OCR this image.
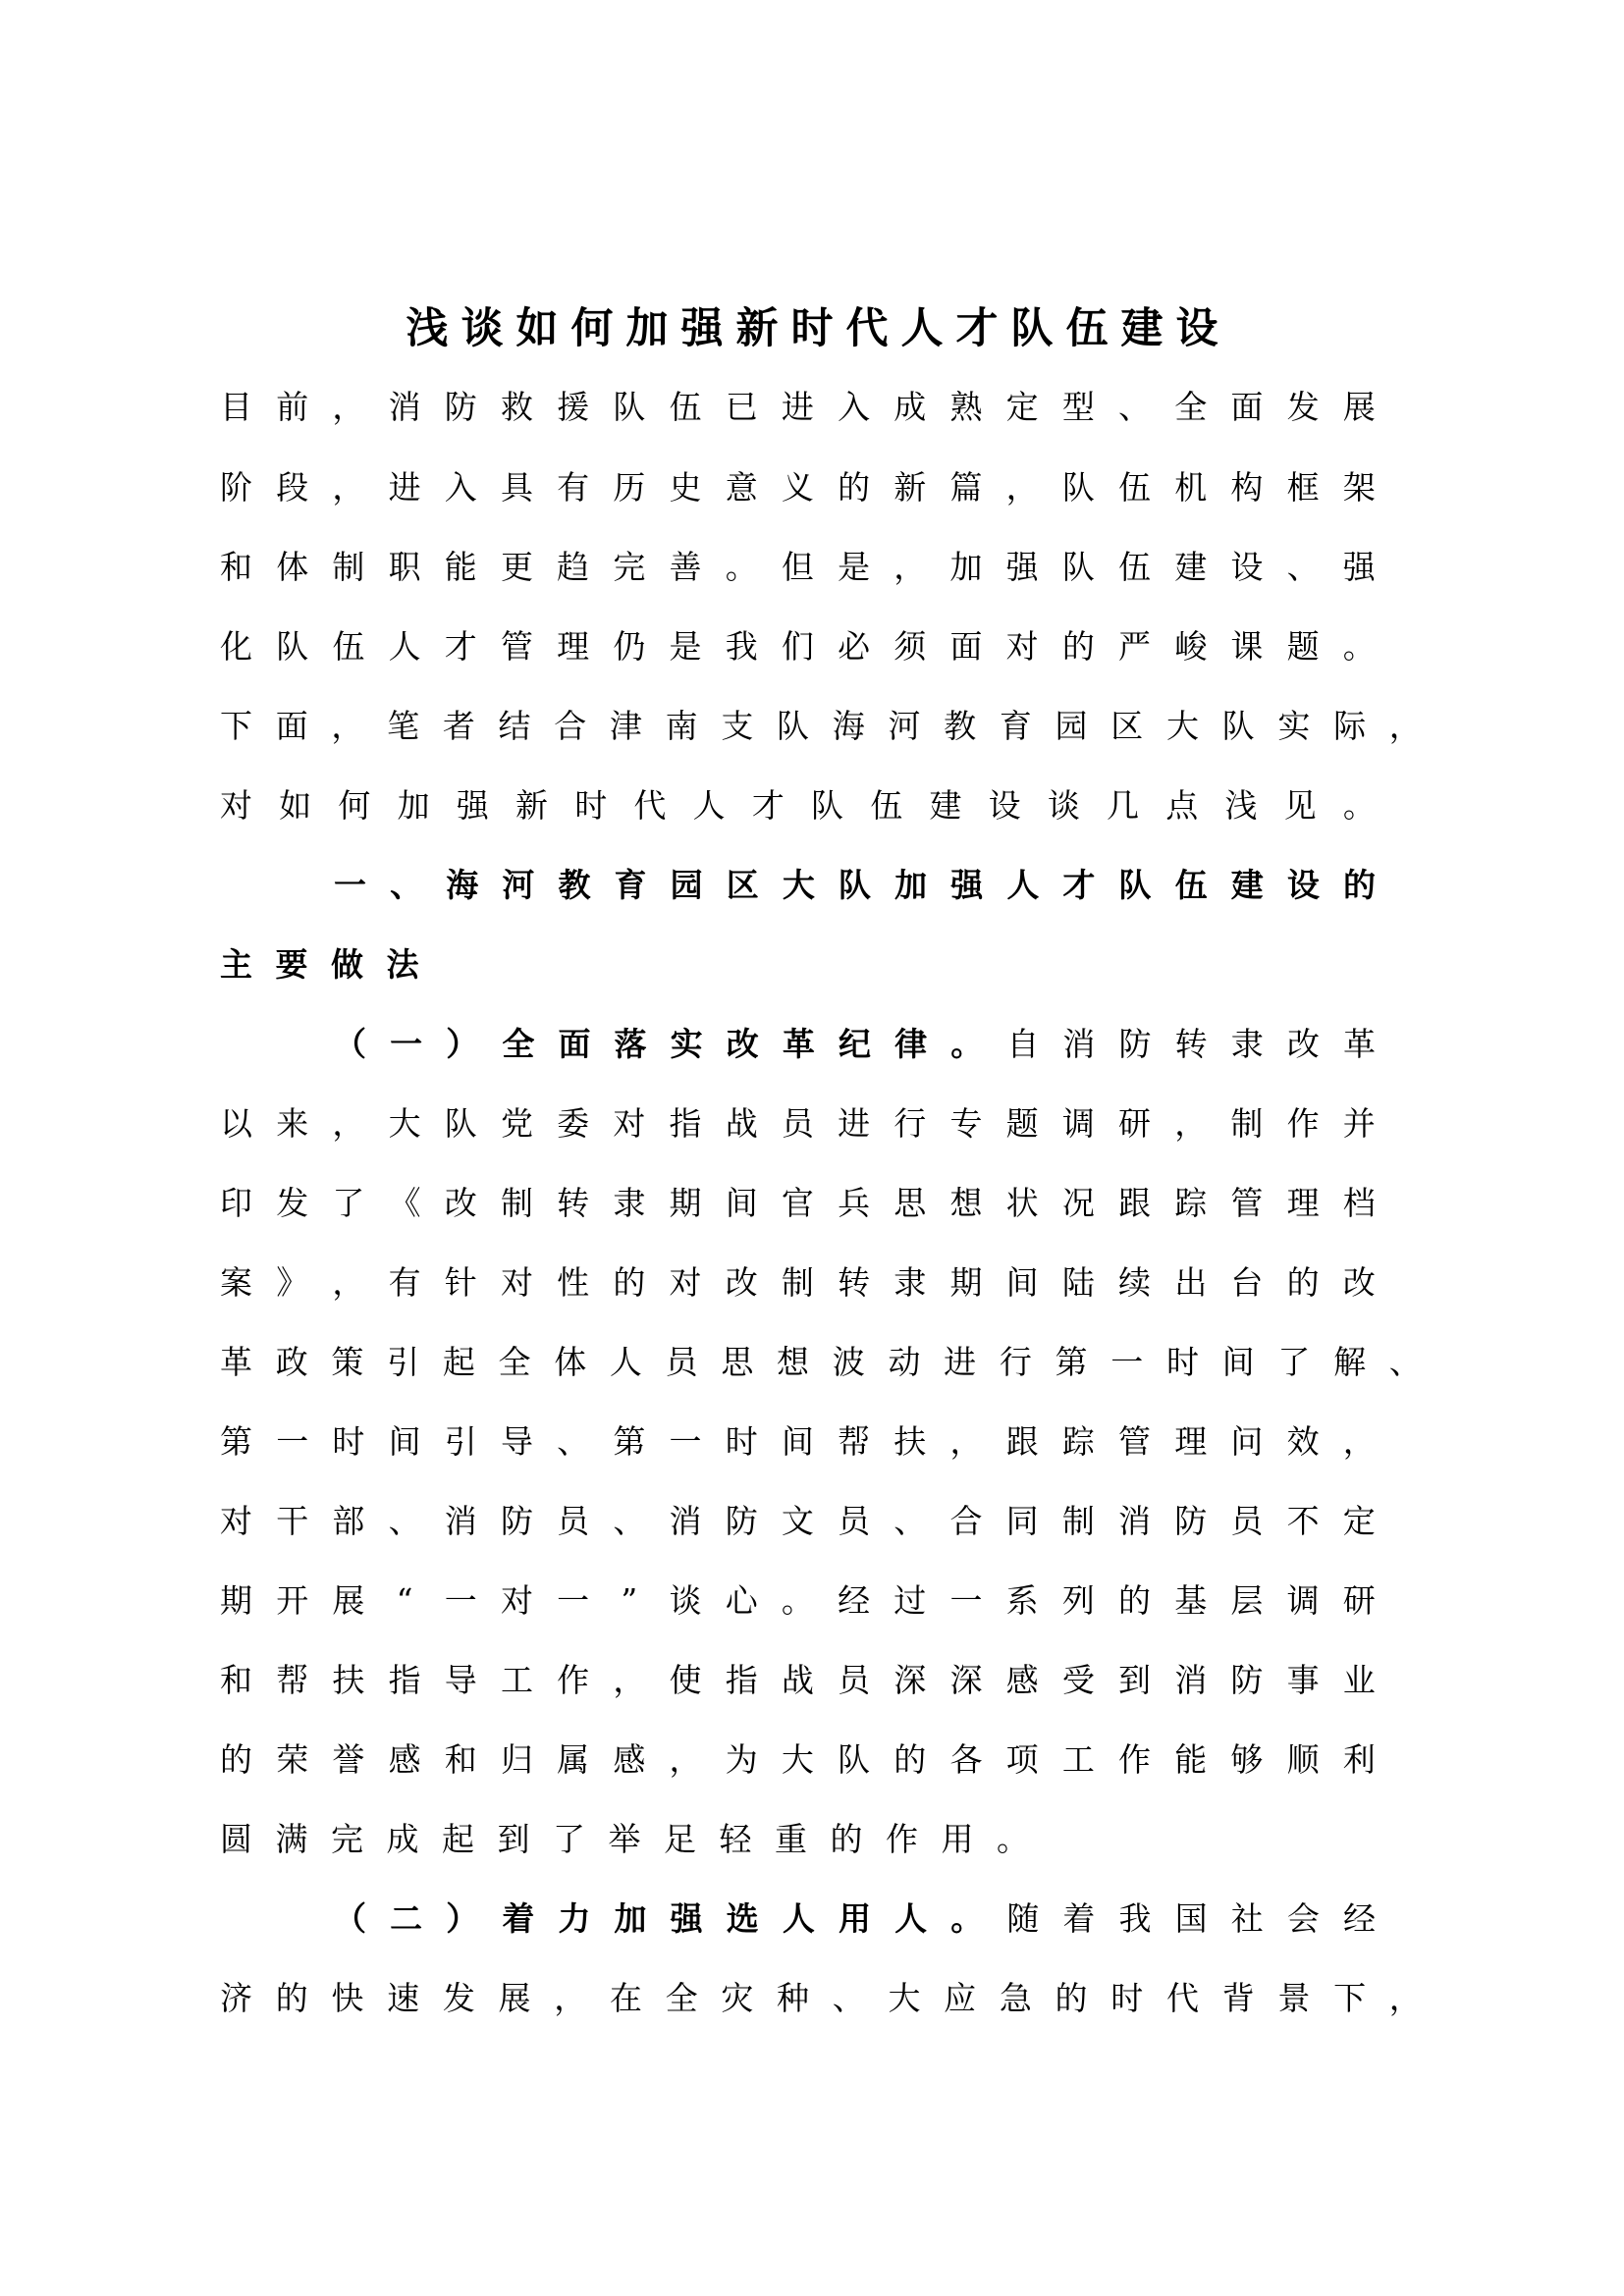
浅 谈 如 何 加 强 新 时 代 人 才 队 伍 建 设
目 前 ， 消 防 救 援 队 伍 已 进 入 成 熟 定 型 、 全 面 发 展
阶 段 ， 进 入 具 有 历 史 意 义 的 新 篇 ， 队 伍 机 构 框 架
和 体 制 职 能 更 趋 完 善 。 但 是 ， 加 强 队 伍 建 设 、 强
化 队 伍 人 才 管 理 仍 是 我 们 必 须 面 对 的 严 峻 课 题 。
下 面 ， 笔 者 结 合 津 南 支 队 海 河 教 育 园 区 大 队 实 际 ，
对 如 何 加 强 新 时 代 人 才 队 伍 建 设 谈 几 点 浅 见 。
一 、 海 河 教 育 园 区 大 队 加 强 人 才 队 伍 建 设 的
主 要 做 法
（ 一 ） 全 面 落 实 改 革 纪 律 。 自 消 防 转 隶 改 革
以 来 ， 大 队 党 委 对 指 战 员 进 行 专 题 调 研 ， 制 作 并
印 发 了 《 改 制 转 隶 期 间 官 兵 思 想 状 况 跟 踪 管 理 档
案 》 ， 有 针 对 性 的 对 改 制 转 隶 期 间 陆 续 出 台 的 改
革 政 策 引 起 全 体 人 员 思 想 波 动 进 行 第 一 时 间 了 解 、
第 一 时 间 引 导 、 第 一 时 间 帮 扶 ， 跟 踪 管 理 问 效 ，
对 干 部 、 消 防 员 、 消 防 文 员 、 合 同 制 消 防 员 不 定
期 开 展 “ 一 对 一 ” 谈 心 。 经 过 一 系 列 的 基 层 调 研
和 帮 扶 指 导 工 作 ， 使 指 战 员 深 深 感 受 到 消 防 事 业
的 荣 誉 感 和 归 属 感 ， 为 大 队 的 各 项 工 作 能 够 顺 利
圆 满 完 成 起 到 了 举 足 轻 重 的 作 用 。
（ 二 ） 着 力 加 强 选 人 用 人 。 随 着 我 国 社 会 经
济 的 快 速 发 展 ， 在 全 灾 种 、 大 应 急 的 时 代 背 景 下 ，
